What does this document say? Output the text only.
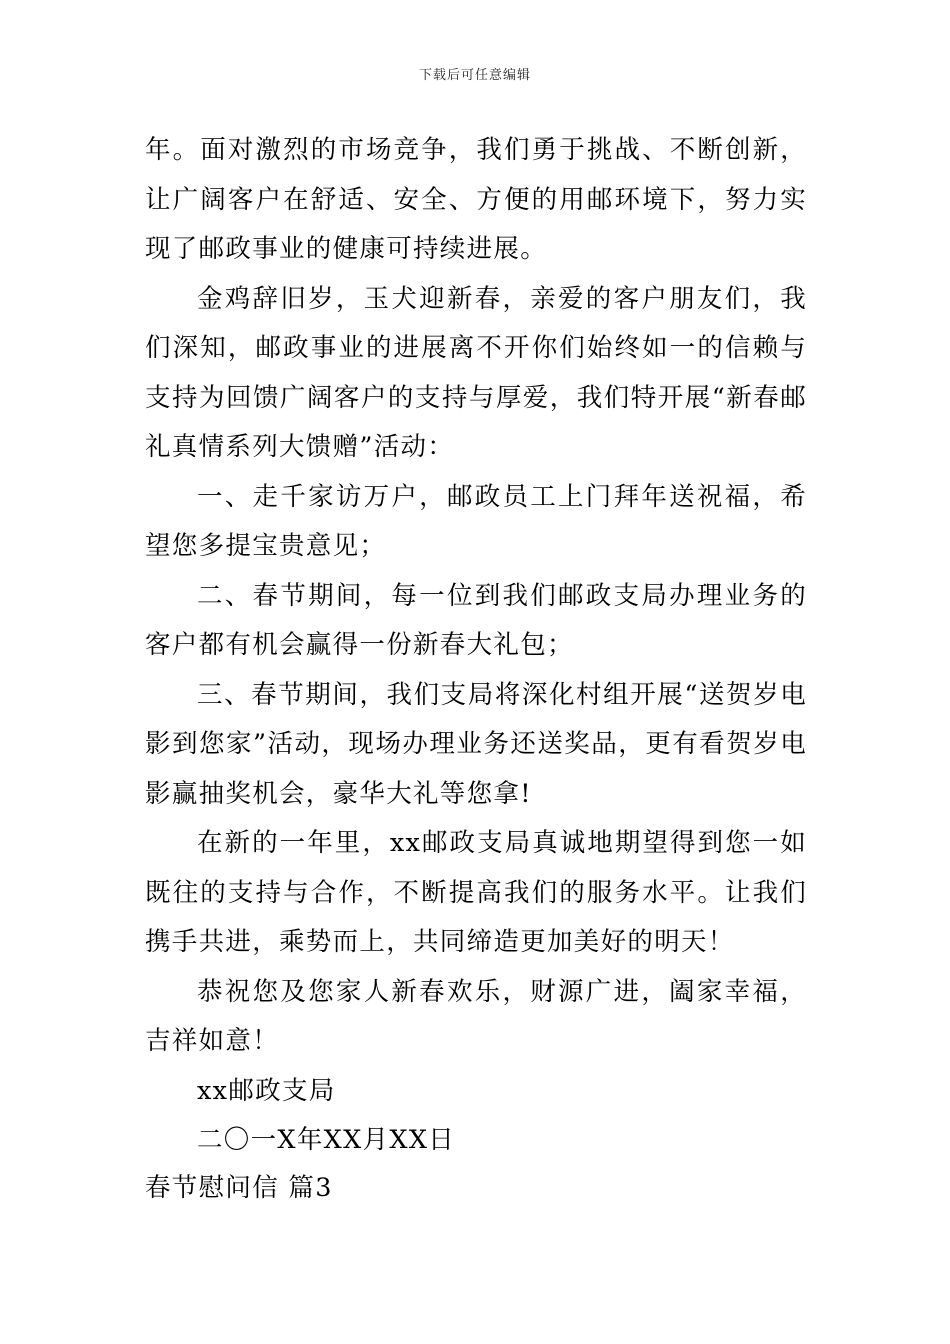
下载后可任意编辑

年。面对激烈的市场竞争，我们勇于挑战、不断创新，让广阔客户在舒适、安全、方便的用邮环境下，努力实现了邮政事业的健康可持续进展。

金鸡辞旧岁，玉犬迎新春，亲爱的客户朋友们，我们深知，邮政事业的进展离不开你们始终如一的信赖与支持为回馈广阔客户的支持与厚爱，我们特开展“新春邮礼真情系列大馈赠”活动：

一、走千家访万户，邮政员工上门拜年送祝福，希望您多提宝贵意见；

二、春节期间，每一位到我们邮政支局办理业务的客户都有机会赢得一份新春大礼包；

三、春节期间，我们支局将深化村组开展“送贺岁电影到您家”活动，现场办理业务还送奖品，更有看贺岁电影赢抽奖机会，豪华大礼等您拿!

在新的一年里，xx邮政支局真诚地期望得到您一如既往的支持与合作，不断提高我们的服务水平。让我们携手共进，乘势而上，共同缔造更加美好的明天！

恭祝您及您家人新春欢乐，财源广进，阖家幸福，吉祥如意！

xx邮政支局

二〇一X年XX月XX日

春节慰问信 篇3
